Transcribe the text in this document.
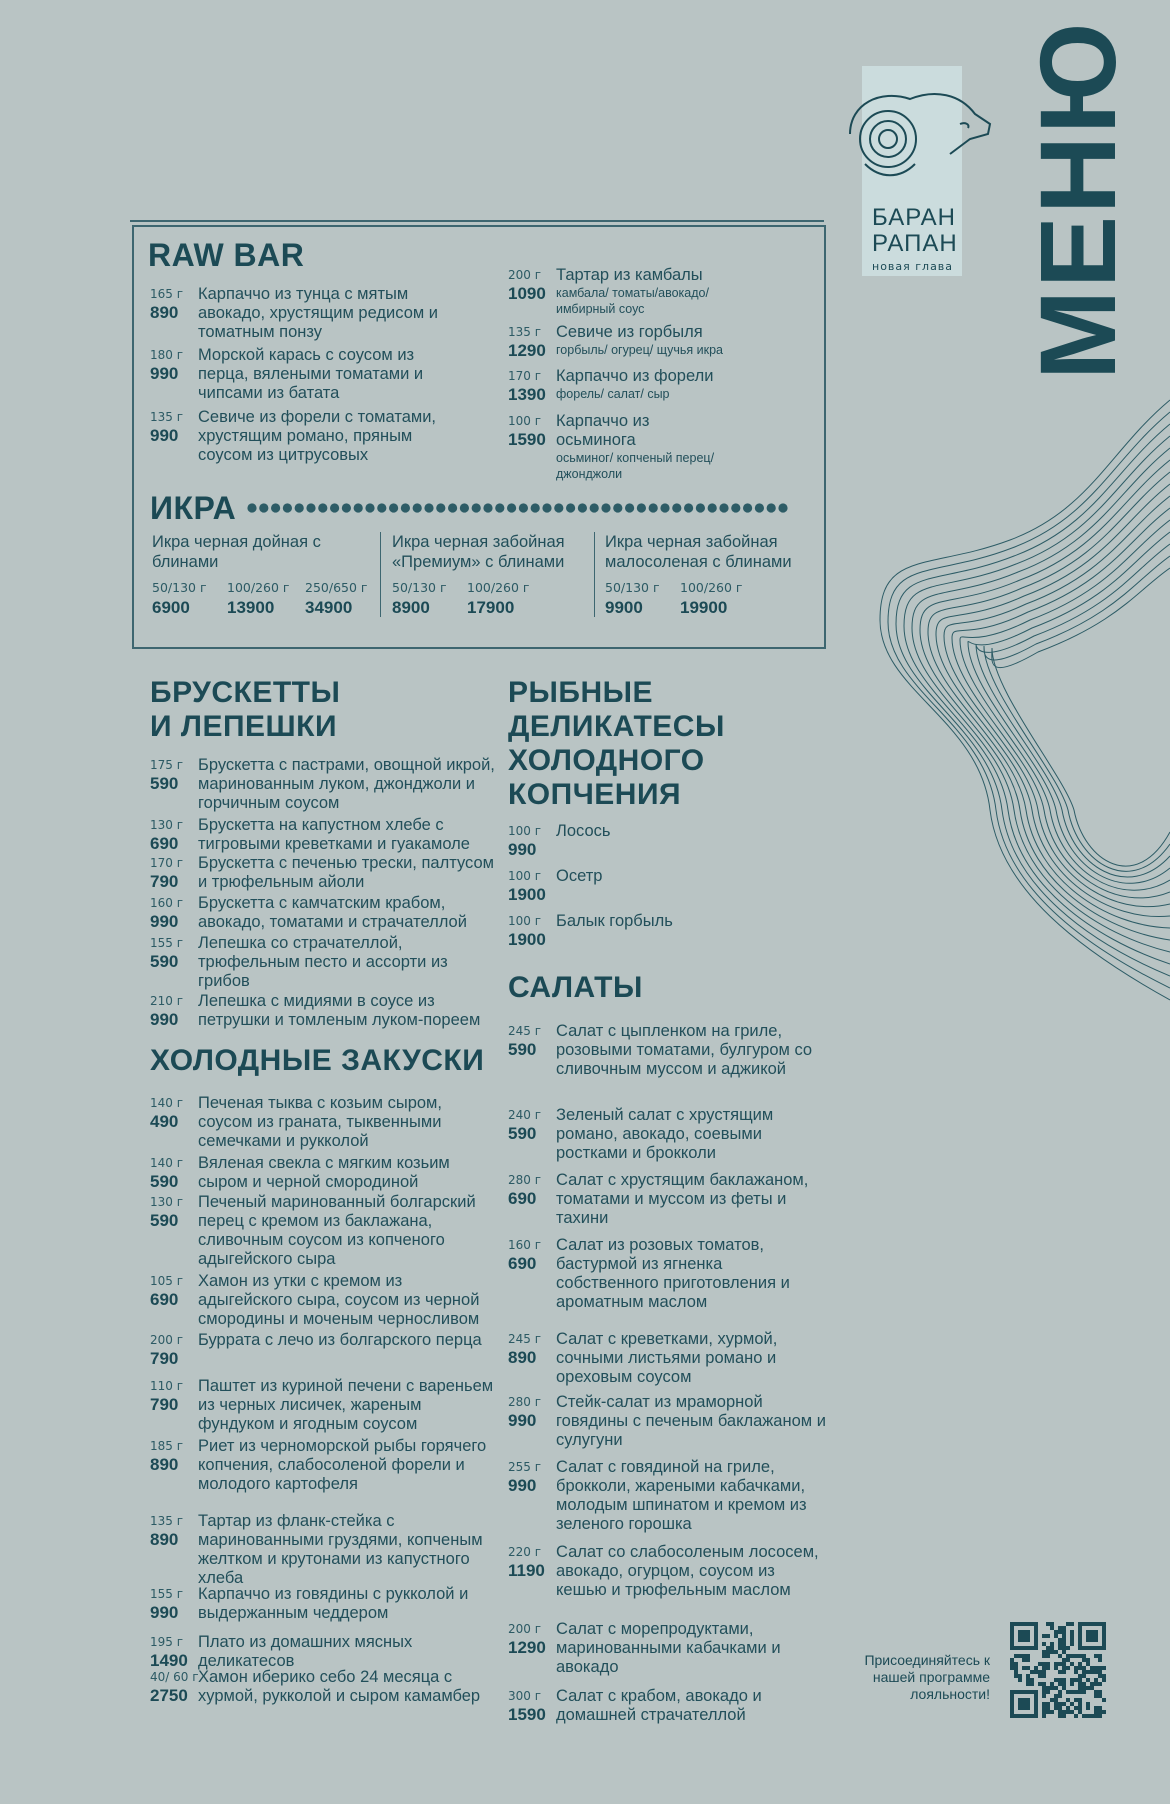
БАРАН
РАПАН
новая глава МЕНЮ
RAW BAR
165 г
890
Карпаччо из тунца с мятым авокадо, хрустящим редисом и томатным понзу
180 г
990
Морской карась с соусом из перца, вялеными томатами и чипсами из батата
135 г
990
Севиче из форели с томатами, хрустящим романо, пряным соусом из цитрусовых
200 г
1090
Тартар из камбалы
камбала/ томаты/авокадо/ имбирный соус
135 г
1290
Севиче из горбыля
горбыль/ огурец/ щучья икра
170 г
1390
Карпаччо из форели
форель/ салат/ сыр
100 г
1590
Карпаччо из осьминога
осьминог/ копченый перец/ джонджоли
ИКРА
Икра черная дойная с блинами
50/130 г 100/260 г 250/650 г
6900 13900 34900
Икра черная забойная «Премиум» с блинами
50/130 г 100/260 г
8900 17900
Икра черная забойная малосоленая с блинами
50/130 г 100/260 г
9900 19900
БРУСКЕТТЫ
И ЛЕПЕШКИ
175 г
590
Брускетта с пастрами, овощной икрой, маринованным луком, джонджоли и горчичным соусом
130 г
690
Брускетта на капустном хлебе с тигровыми креветками и гуакамоле
170 г
790
Брускетта с печенью трески, палтусом и трюфельным айоли
160 г
990
Брускетта с камчатским крабом, авокадо, томатами и страчателлой
155 г
590
Лепешка со страчателлой, трюфельным песто и ассорти из грибов
210 г
990
Лепешка с мидиями в соусе из петрушки и томленым луком-пореем
ХОЛОДНЫЕ ЗАКУСКИ
140 г
490
Печеная тыква с козьим сыром, соусом из граната, тыквенными семечками и рукколой
140 г
590
Вяленая свекла с мягким козьим сыром и черной смородиной
130 г
590
Печеный маринованный болгарский перец с кремом из баклажана, сливочным соусом из копченого адыгейского сыра
105 г
690
Хамон из утки с кремом из адыгейского сыра, соусом из черной смородины и моченым черносливом
200 г
790
Буррата с лечо из болгарского перца
110 г
790
Паштет из куриной печени с вареньем из черных лисичек, жареным фундуком и ягодным соусом
185 г
890
Риет из черноморской рыбы горячего копчения, слабосоленой форели и молодого картофеля
135 г
890
Тартар из фланк-стейка с маринованными груздями, копченым желтком и крутонами из капустного хлеба
155 г
990
Карпаччо из говядины с рукколой и выдержанным чеддером
195 г
1490
Плато из домашних мясных деликатесов
40/ 60 г
2750
Хамон иберико себо 24 месяца с хурмой, рукколой и сыром камамбер
РЫБНЫЕ
ДЕЛИКАТЕСЫ
ХОЛОДНОГО
КОПЧЕНИЯ
100 г
990
Лосось
100 г
1900
Осетр
100 г
1900
Балык горбыль
САЛАТЫ
245 г
590
Салат с цыпленком на гриле, розовыми томатами, булгуром со сливочным муссом и аджикой
240 г
590
Зеленый салат с хрустящим романо, авокадо, соевыми ростками и брокколи
280 г
690
Салат с хрустящим баклажаном, томатами и муссом из феты и тахини
160 г
690
Салат из розовых томатов, бастурмой из ягненка собственного приготовления и ароматным маслом
245 г
890
Салат с креветками, хурмой, сочными листьями романо и ореховым соусом
280 г
990
Стейк-салат из мраморной говядины с печеным баклажаном и сулугуни
255 г
990
Салат с говядиной на гриле, брокколи, жареными кабачками, молодым шпинатом и кремом из зеленого горошка
220 г
1190
Салат со слабосоленым лососем, авокадо, огурцом, соусом из кешью и трюфельным маслом
200 г
1290
Салат с морепродуктами, маринованными кабачками и авокадо
300 г
1590
Салат с крабом, авокадо и домашней страчателлой
Присоединяйтесь к нашей программе лояльности!
